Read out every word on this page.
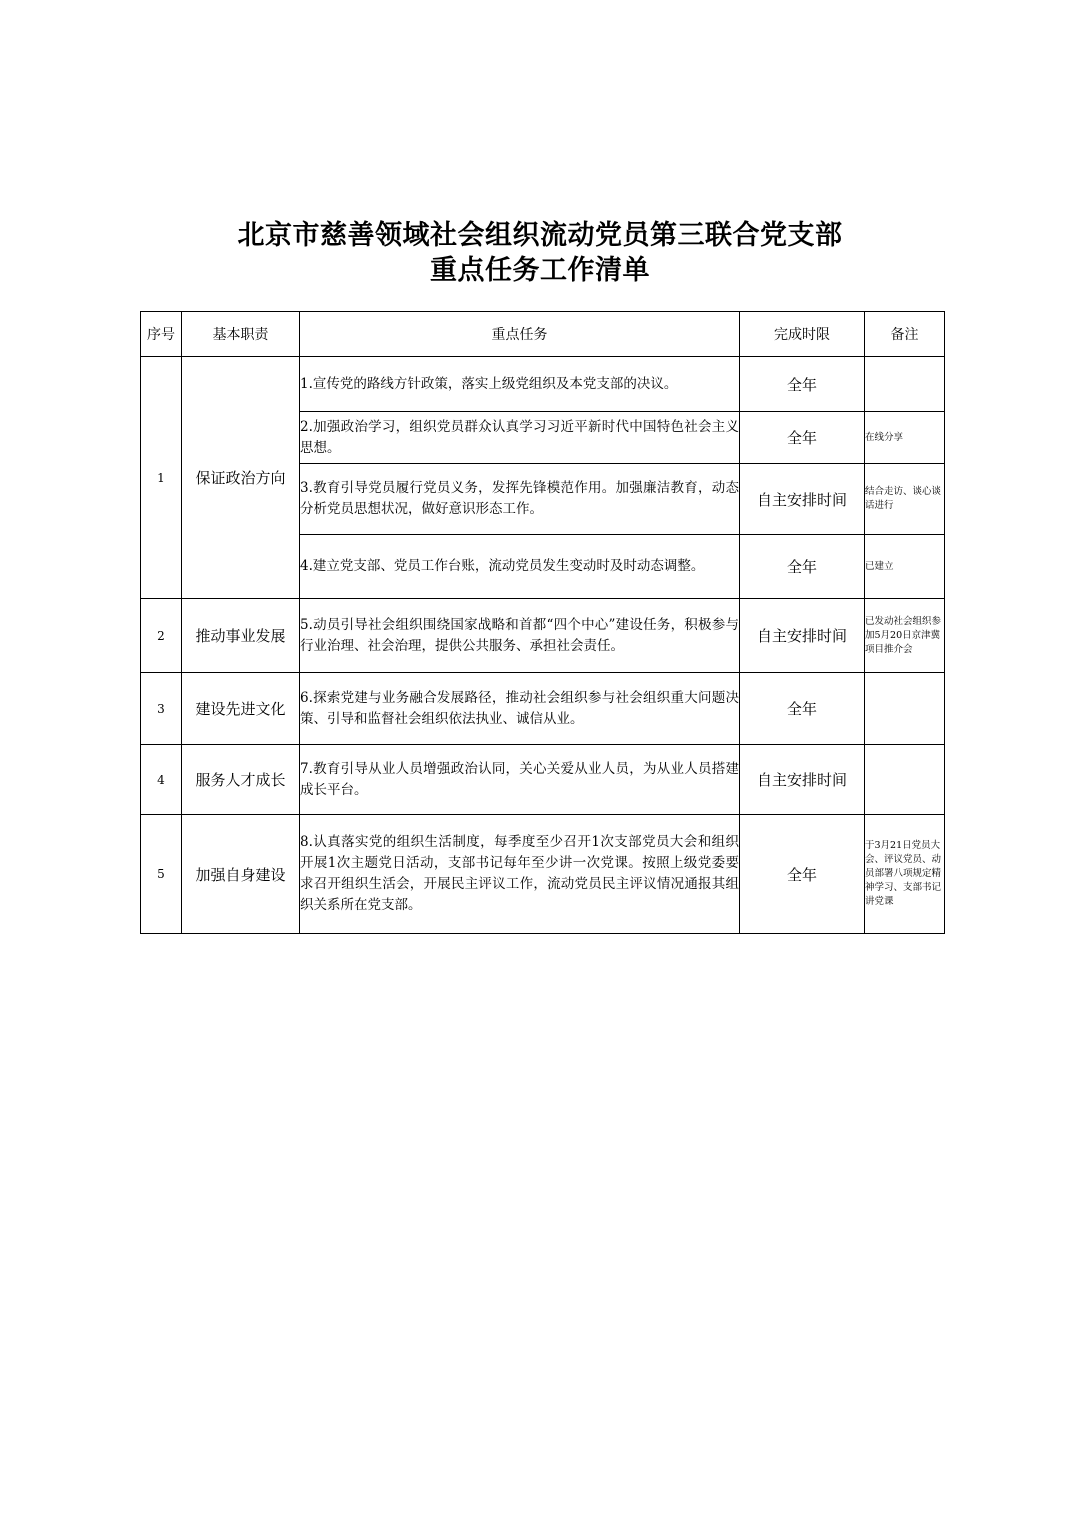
北京市慈善领域社会组织流动党员第三联合党支部
重点任务工作清单
序号	基本职责	重点任务	完成时限	备注
1	保证政治方向	1.宣传党的路线方针政策，落实上级党组织及本党支部的决议。	全年	
		2.加强政治学习，组织党员群众认真学习习近平新时代中国特色社会主义思想。	全年	在线分享
		3.教育引导党员履行党员义务，发挥先锋模范作用。加强廉洁教育，动态分析党员思想状况，做好意识形态工作。	自主安排时间	结合走访、谈心谈话进行
		4.建立党支部、党员工作台账，流动党员发生变动时及时动态调整。	全年	已建立
2	推动事业发展	5.动员引导社会组织围绕国家战略和首都“四个中心”建设任务，积极参与行业治理、社会治理，提供公共服务、承担社会责任。	自主安排时间	已发动社会组织参加5月20日京津冀项目推介会
3	建设先进文化	6.探索党建与业务融合发展路径，推动社会组织参与社会组织重大问题决策、引导和监督社会组织依法执业、诚信从业。	全年	
4	服务人才成长	7.教育引导从业人员增强政治认同，关心关爱从业人员，为从业人员搭建成长平台。	自主安排时间	
5	加强自身建设	8.认真落实党的组织生活制度，每季度至少召开1次支部党员大会和组织开展1次主题党日活动，支部书记每年至少讲一次党课。按照上级党委要求召开组织生活会，开展民主评议工作，流动党员民主评议情况通报其组织关系所在党支部。	全年	于3月21日党员大会、评议党员、动员部署八项规定精神学习、支部书记讲党课
